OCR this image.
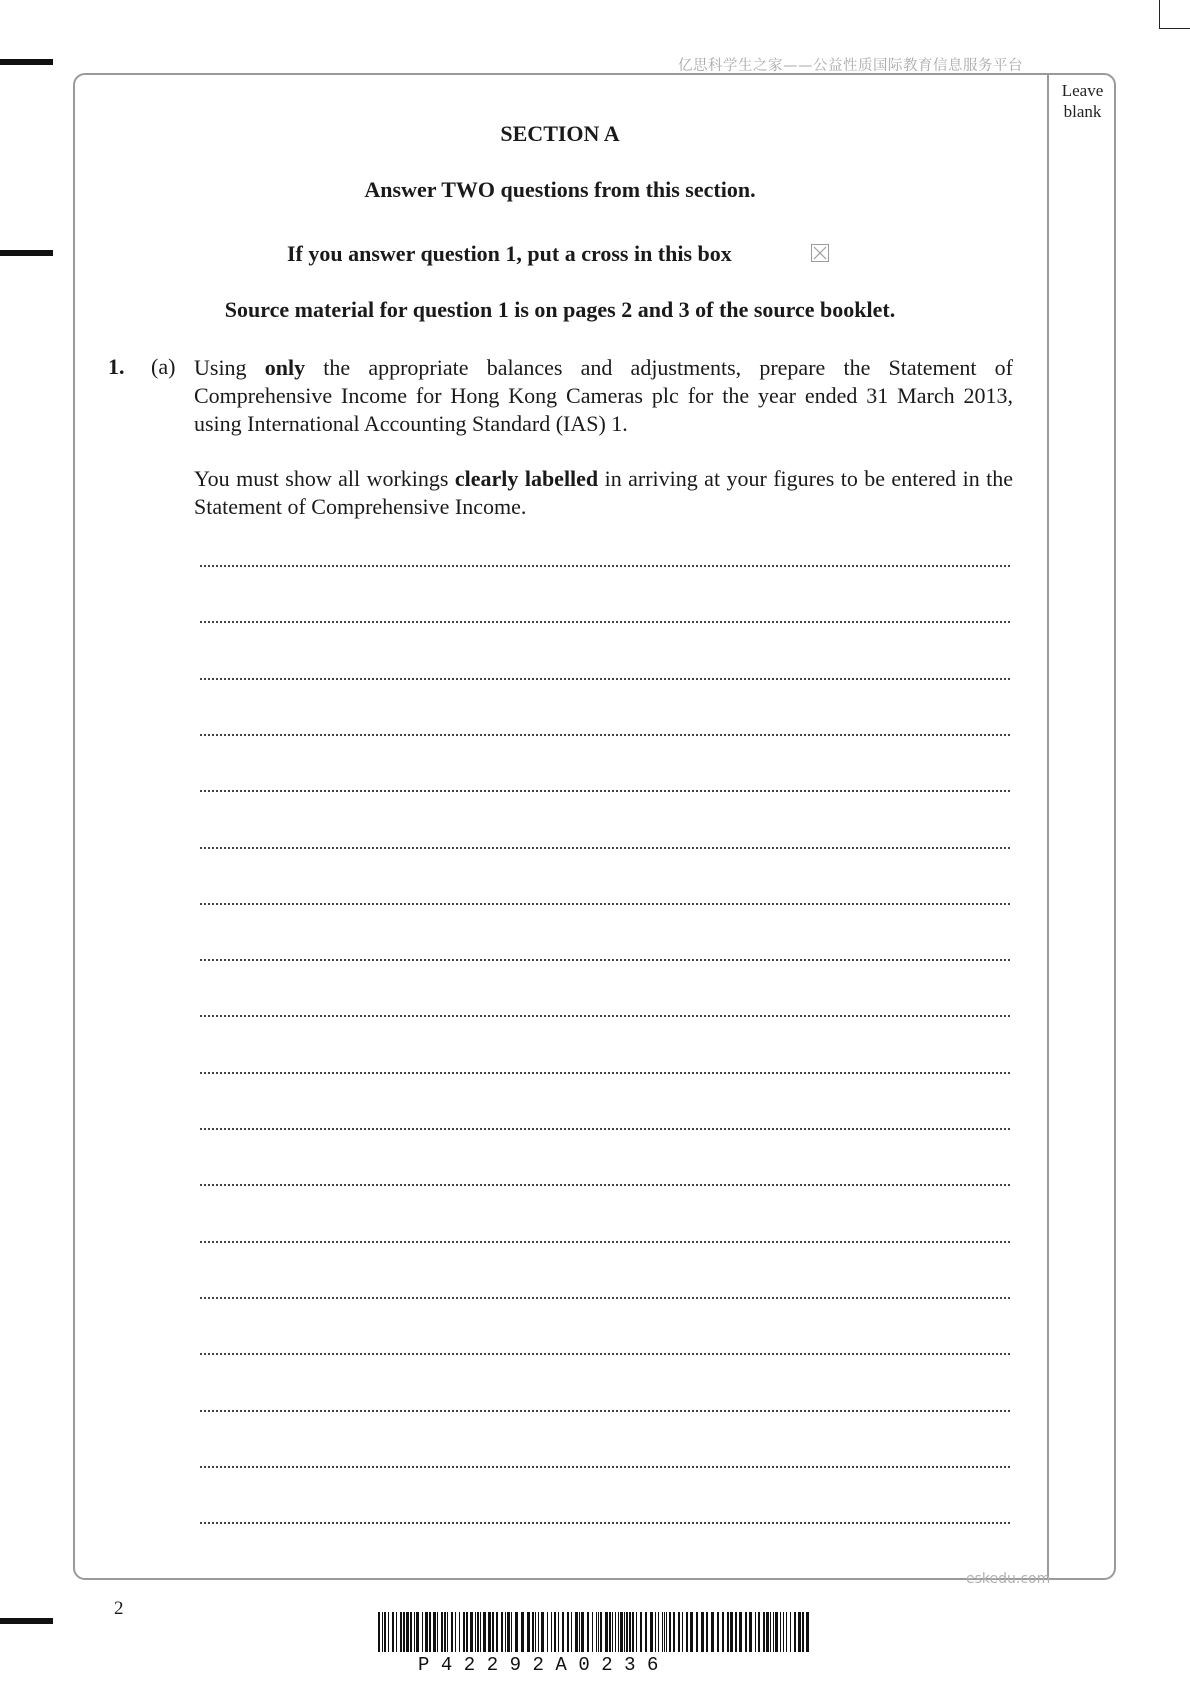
亿思科学生之家——公益性质国际教育信息服务平台
Leave
blank
SECTION A
Answer TWO questions from this section.
If you answer question 1, put a cross in this box
Source material for question 1 is on pages 2 and 3 of the source booklet.
1. (a) Using only the appropriate balances and adjustments, prepare the Statement of Comprehensive Income for Hong Kong Cameras plc for the year ended 31 March 2013, using International Accounting Standard (IAS) 1.
You must show all workings clearly labelled in arriving at your figures to be entered in the Statement of Comprehensive Income.
2
eskedu.com
P42292A0236
